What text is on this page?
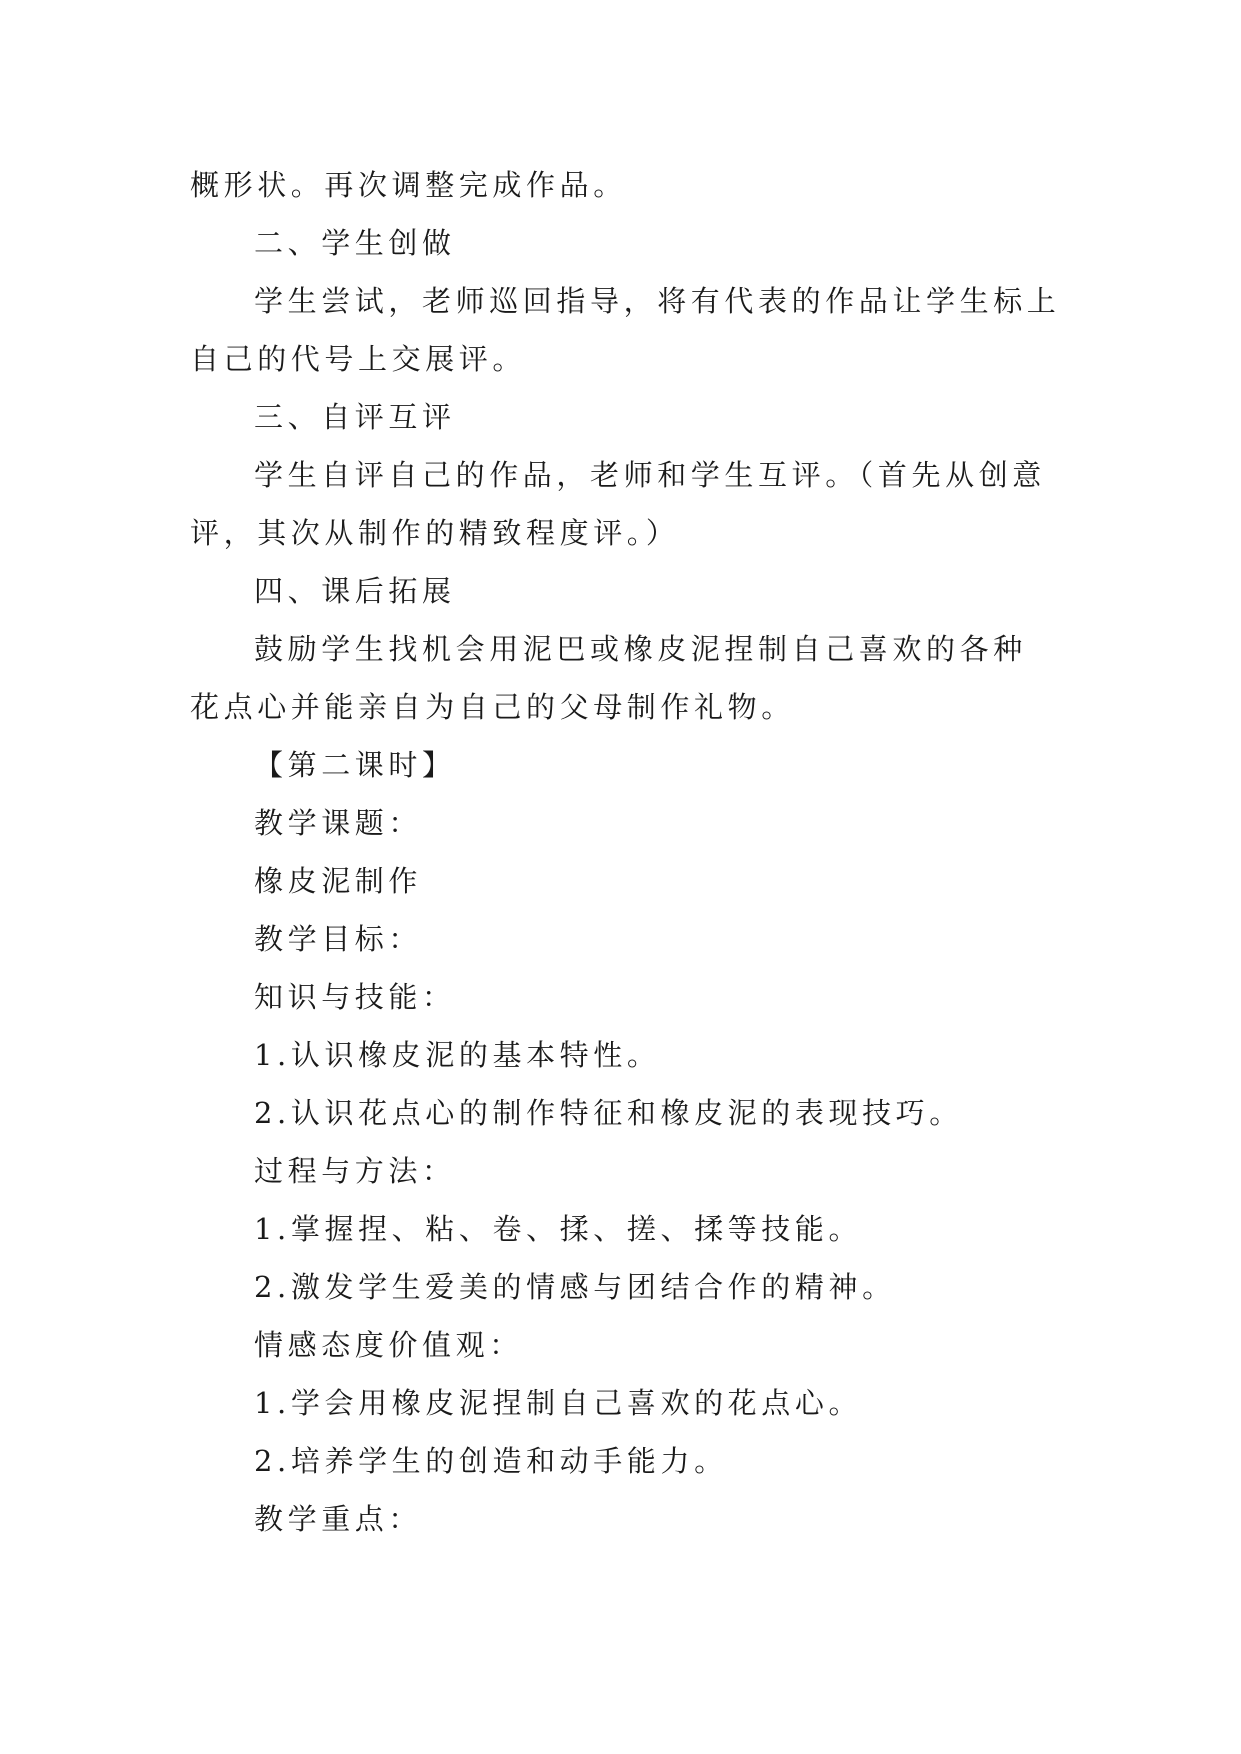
概形状。再次调整完成作品。
二、学生创做
学生尝试，老师巡回指导，将有代表的作品让学生标上
自己的代号上交展评。
三、自评互评
学生自评自己的作品，老师和学生互评。（首先从创意
评，其次从制作的精致程度评。）
四、课后拓展
鼓励学生找机会用泥巴或橡皮泥捏制自己喜欢的各种
花点心并能亲自为自己的父母制作礼物。
【第二课时】
教学课题：
橡皮泥制作
教学目标：
知识与技能：
1.认识橡皮泥的基本特性。
2.认识花点心的制作特征和橡皮泥的表现技巧。
过程与方法：
1.掌握捏、粘、卷、揉、搓、揉等技能。
2.激发学生爱美的情感与团结合作的精神。
情感态度价值观：
1.学会用橡皮泥捏制自己喜欢的花点心。
2.培养学生的创造和动手能力。
教学重点：
